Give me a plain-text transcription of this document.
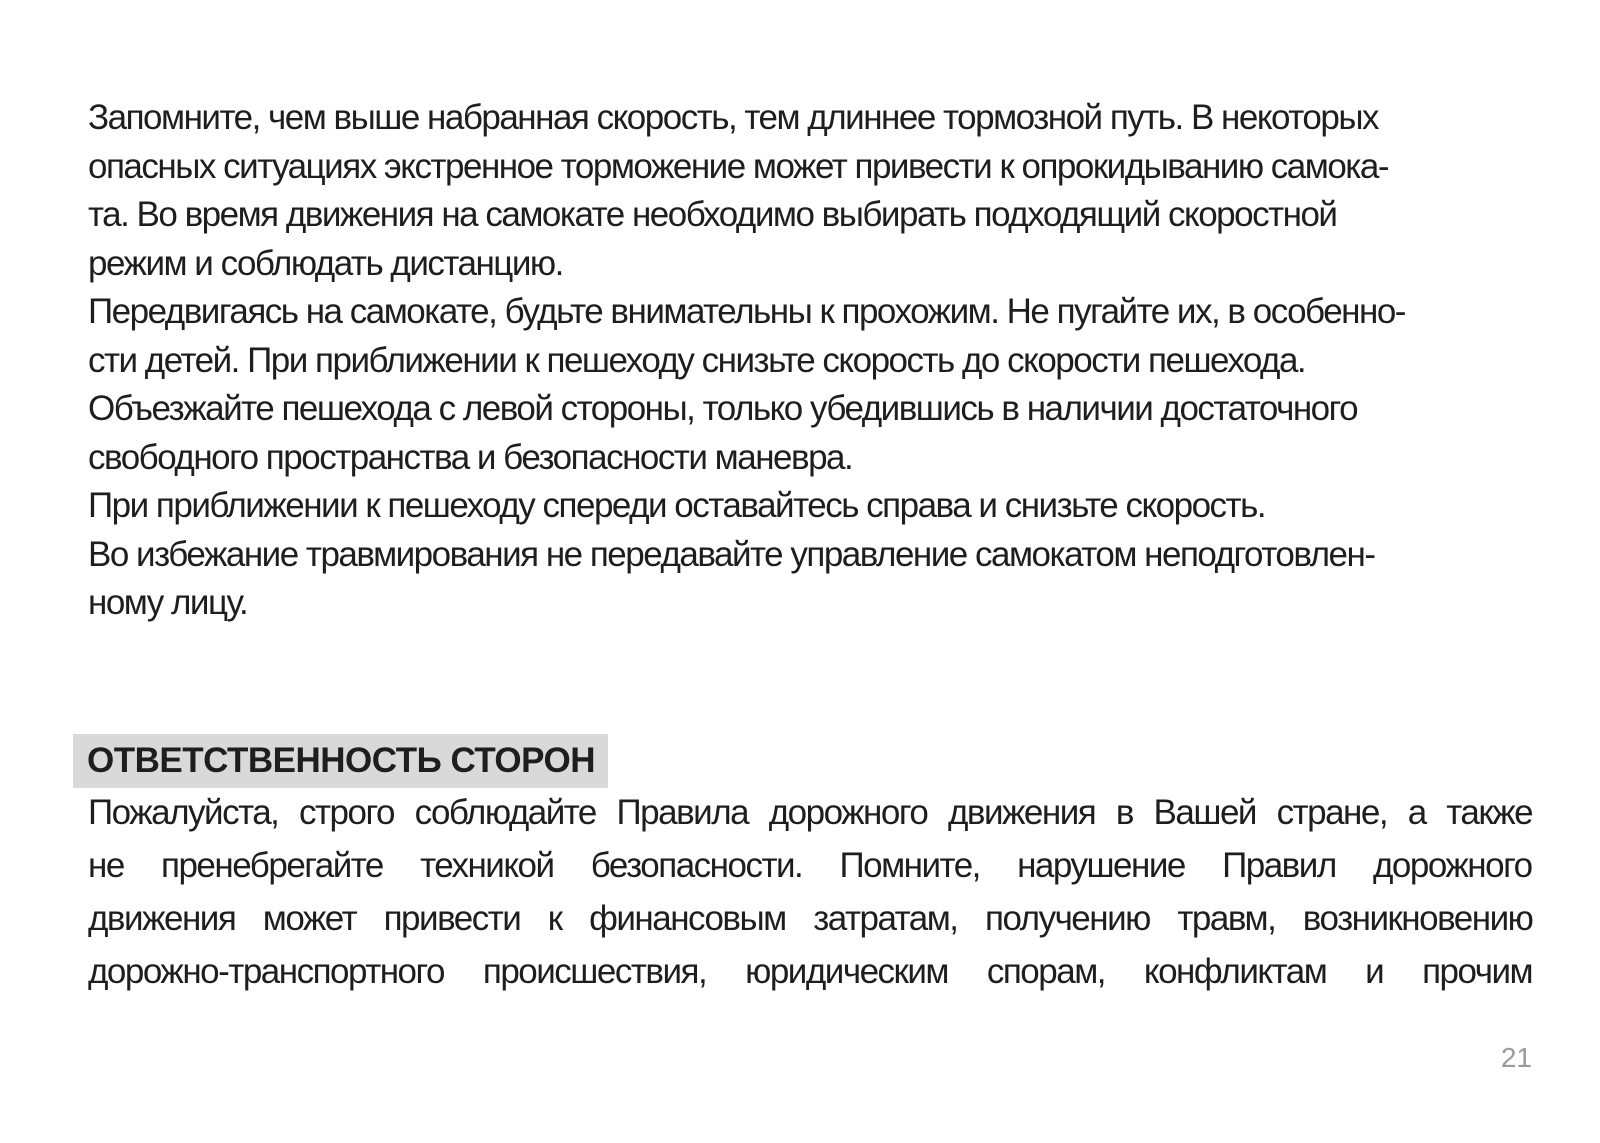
Запомните, чем выше набранная скорость, тем длиннее тормозной путь. В некоторых
опасных ситуациях экстренное торможение может привести к опрокидыванию самока-
та. Во время движения на самокате необходимо выбирать подходящий скоростной
режим и соблюдать дистанцию.
Передвигаясь на самокате, будьте внимательны к прохожим. Не пугайте их, в особенно-
сти детей. При приближении к пешеходу снизьте скорость до скорости пешехода.
Объезжайте пешехода с левой стороны, только убедившись в наличии достаточного
свободного пространства и безопасности маневра.
При приближении к пешеходу спереди оставайтесь справа и снизьте скорость.
Во избежание травмирования не передавайте управление самокатом неподготовлен-
ному лицу.
ОТВЕТСТВЕННОСТЬ СТОРОН
Пожалуйста, строго соблюдайте Правила дорожного движения в Вашей стране, а также
не пренебрегайте техникой безопасности. Помните, нарушение Правил дорожного
движения может привести к финансовым затратам, получению травм, возникновению
дорожно-транспортного происшествия, юридическим спорам, конфликтам и прочим
21
